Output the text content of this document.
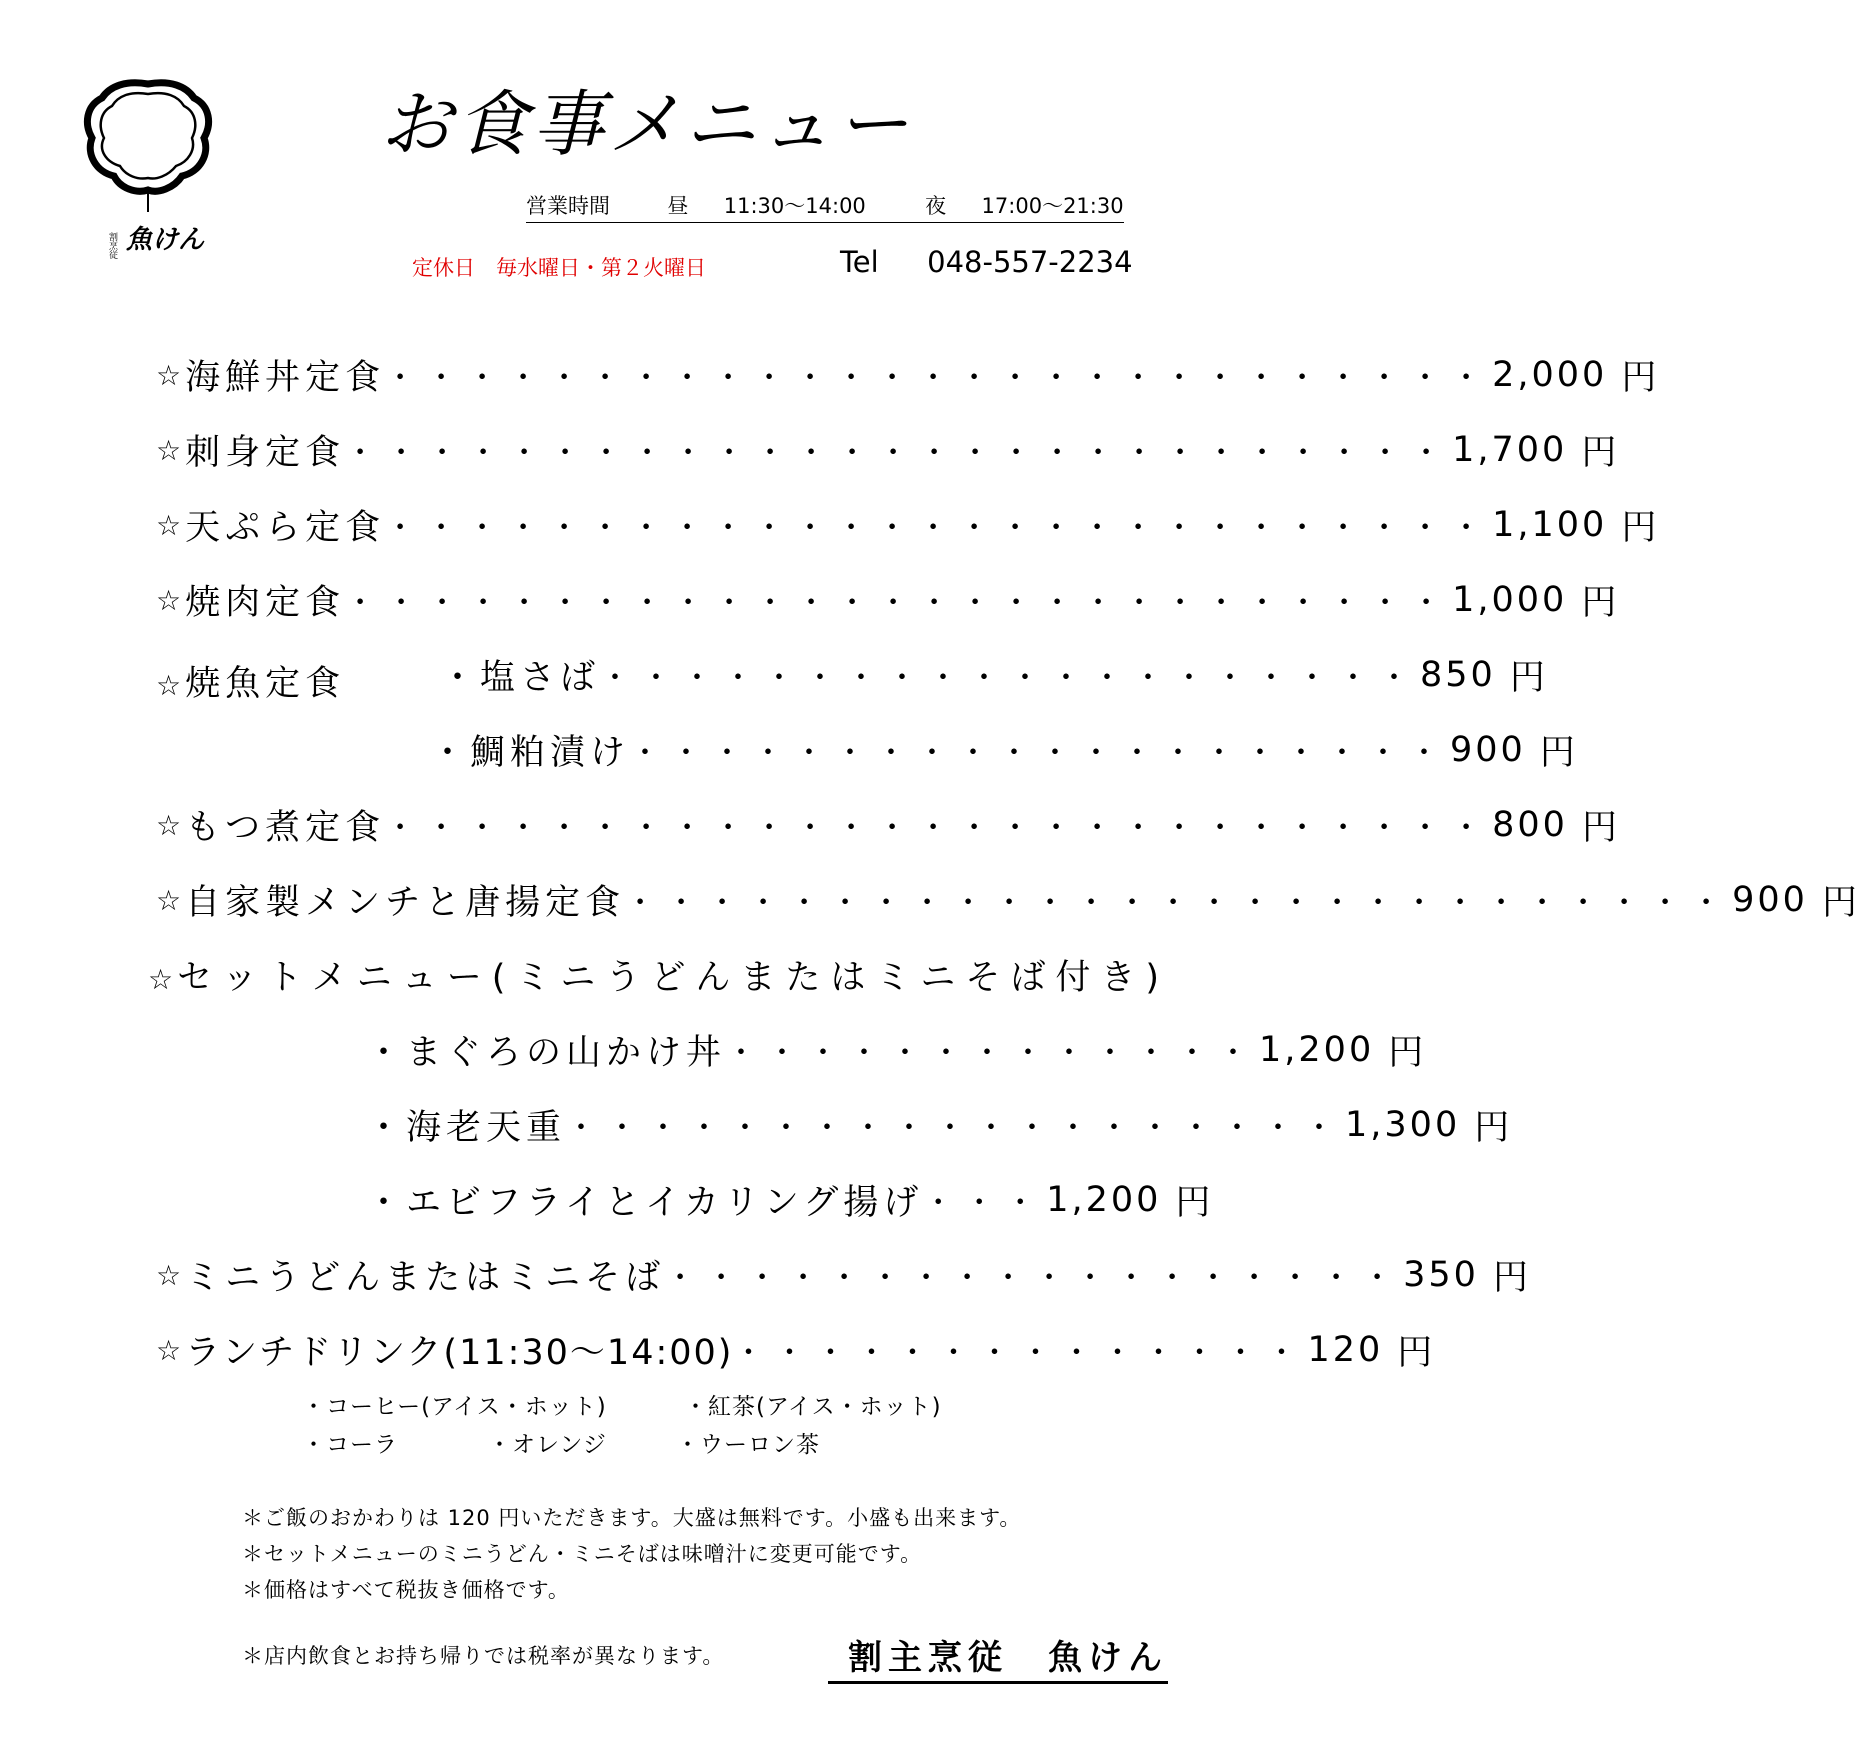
割烹従 魚けん
お食事メニュー
営業時間	昼 11:30～14:00	夜 17:00～21:30
定休日　毎水曜日・第２火曜日	Tel 048-557-2234
☆ 海鮮丼定食 ・・・・・・・・・・・・・・・・・・・・・・・・・・・ 2,000 円
☆ 刺身定食 ・・・・・・・・・・・・・・・・・・・・・・・・・・・ 1,700 円
☆ 天ぷら定食 ・・・・・・・・・・・・・・・・・・・・・・・・・・・ 1,100 円
☆ 焼肉定食 ・・・・・・・・・・・・・・・・・・・・・・・・・・・ 1,000 円
☆ 焼魚定食	・塩さば ・・・・・・・・・・・・・・・・・・・・ 850 円
・鯛粕漬け ・・・・・・・・・・・・・・・・・・・・ 900 円
☆ もつ煮定食 ・・・・・・・・・・・・・・・・・・・・・・・・・・・ 800 円
☆ 自家製メンチと唐揚定食 ・・・・・・・・・・・・・・・・・・・・・・・・・・・ 900 円
☆ セットメニュー(ミニうどんまたはミニそば付き)
・まぐろの山かけ丼 ・・・・・・・・・・・・・ 1,200 円
・海老天重 ・・・・・・・・・・・・・・・・・・・ 1,300 円
・エビフライとイカリング揚げ ・・・ 1,200 円
☆ ミニうどんまたはミニそば ・・・・・・・・・・・・・・・・・・ 350 円
☆ ランチドリンク(11:30～14:00) ・・・・・・・・・・・・・・ 120 円
・コーヒー(アイス・ホット)	・紅茶(アイス・ホット)
・コーラ	・オレンジ	・ウーロン茶
＊ご飯のおかわりは 120 円いただきます。大盛は無料です。小盛も出来ます。
＊セットメニューのミニうどん・ミニそばは味噌汁に変更可能です。
＊価格はすべて税抜き価格です。
＊店内飲食とお持ち帰りでは税率が異なります。	割主烹従　魚けん
